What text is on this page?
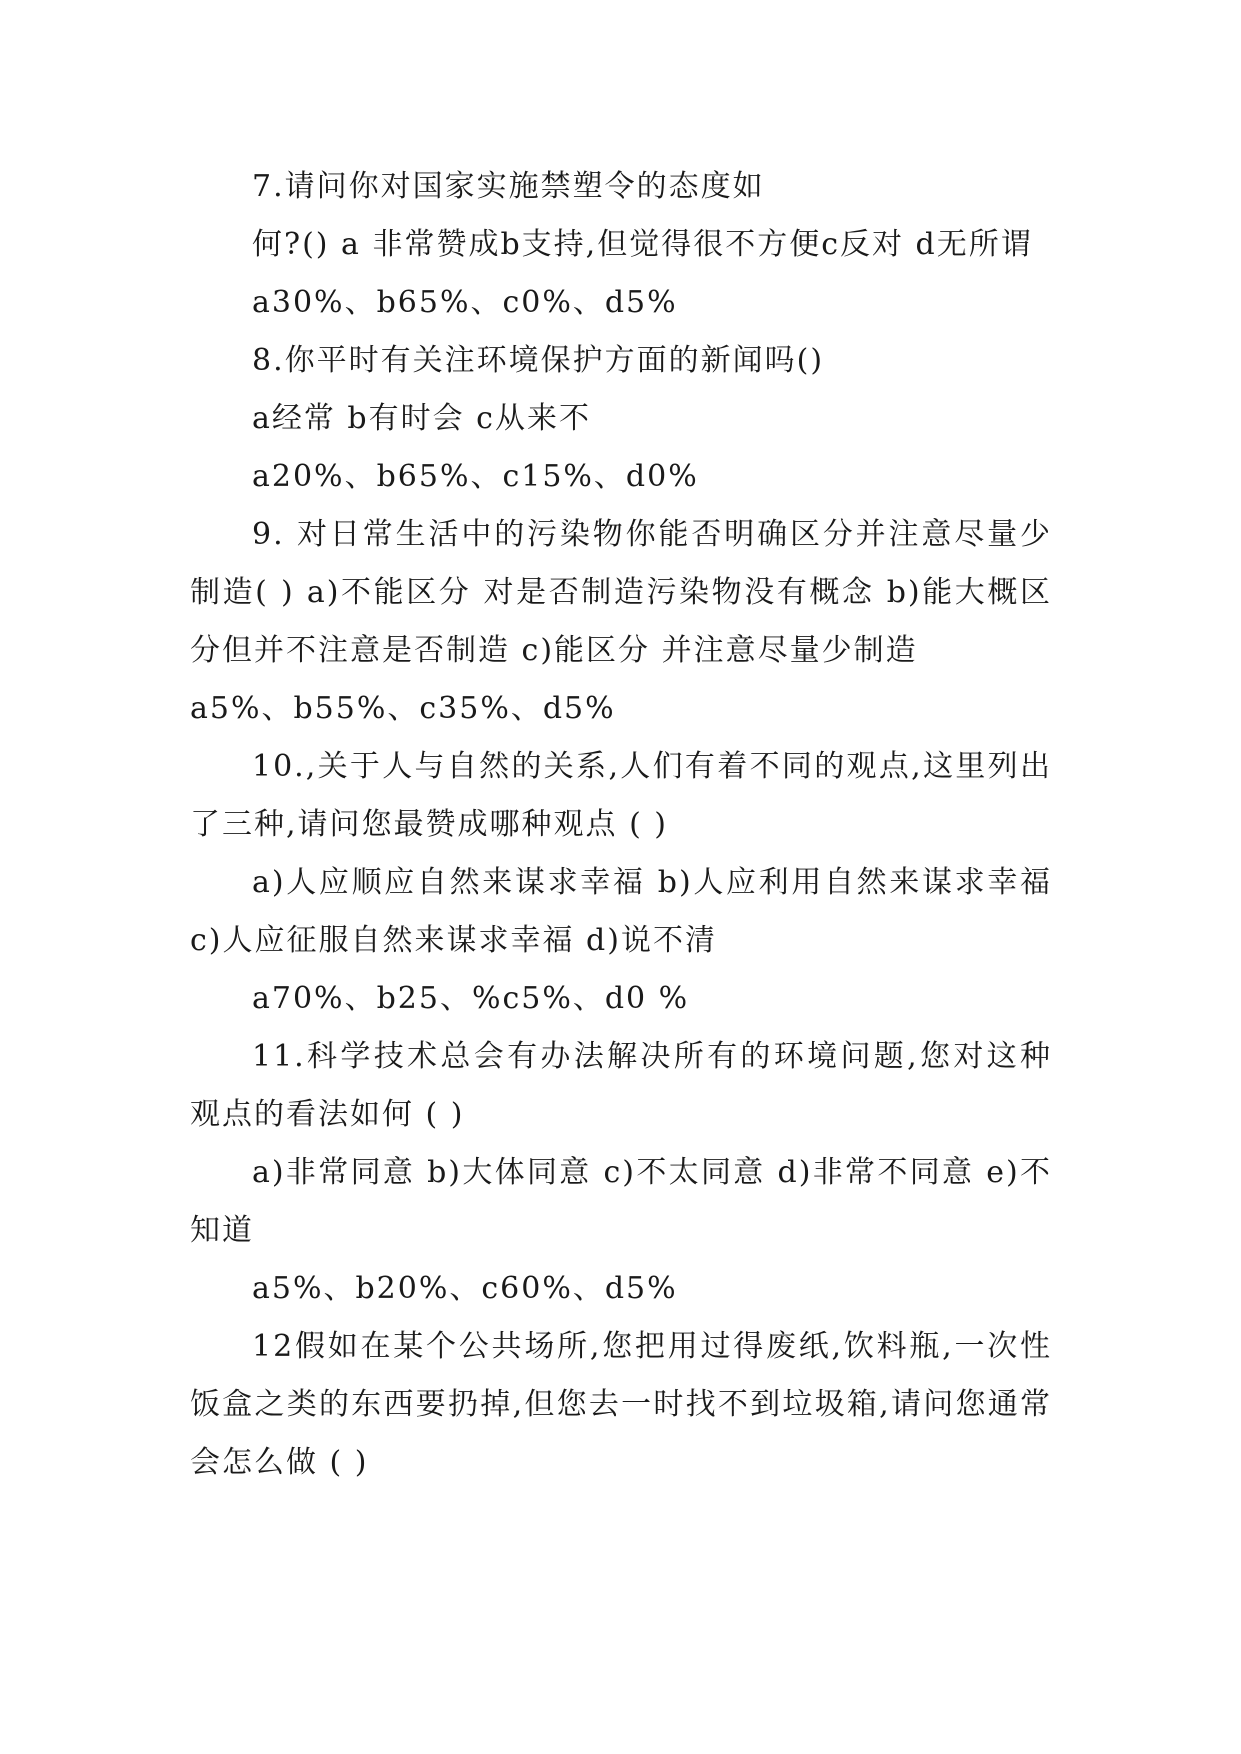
7.请问你对国家实施禁塑令的态度如

何?() a 非常赞成b支持,但觉得很不方便c反对 d无所谓

a30%、b65%、c0%、d5%

8.你平时有关注环境保护方面的新闻吗()

a经常 b有时会 c从来不

a20%、b65%、c15%、d0%

9. 对日常生活中的污染物你能否明确区分并注意尽量少制造( ) a)不能区分 对是否制造污染物没有概念 b)能大概区分但并不注意是否制造 c)能区分 并注意尽量少制造

a5%、b55%、c35%、d5%

10.,关于人与自然的关系,人们有着不同的观点,这里列出了三种,请问您最赞成哪种观点 ( )

a)人应顺应自然来谋求幸福 b)人应利用自然来谋求幸福 c)人应征服自然来谋求幸福 d)说不清

a70%、b25、%c5%、d0 %

11.科学技术总会有办法解决所有的环境问题,您对这种观点的看法如何 ( )

a)非常同意 b)大体同意 c)不太同意 d)非常不同意 e)不知道

a5%、b20%、c60%、d5%

12假如在某个公共场所,您把用过得废纸,饮料瓶,一次性饭盒之类的东西要扔掉,但您去一时找不到垃圾箱,请问您通常会怎么做 ( )
